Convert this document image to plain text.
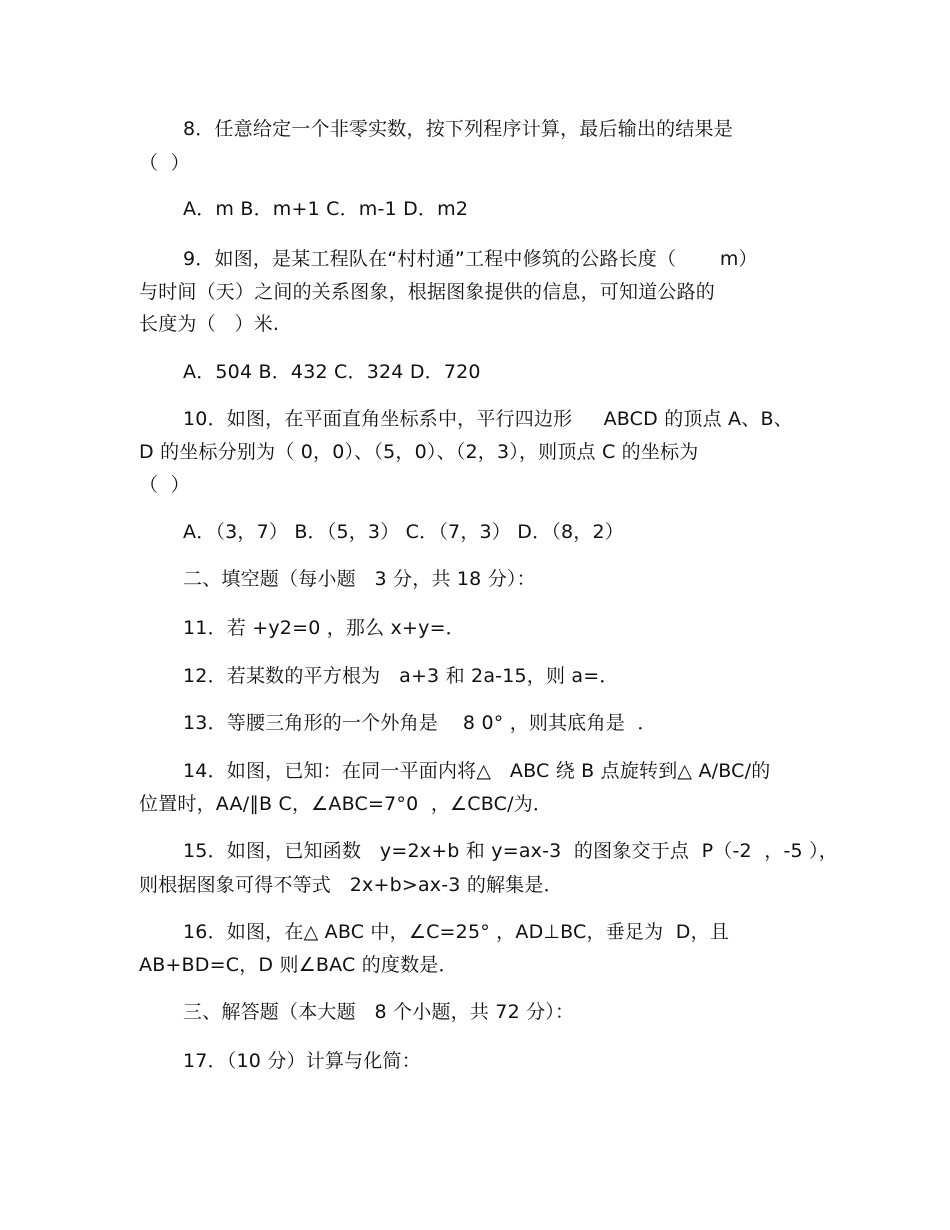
8．任意给定一个非零实数，按下列程序计算，最后输出的结果是
（  ）
A．m B．m+1 C．m-1 D．m2
9．如图，是某工程队在“村村通”工程中修筑的公路长度（       m）
与时间（天）之间的关系图象，根据图象提供的信息，可知道公路的
长度为（   ）米.
A．504 B．432 C．324 D．720
10．如图，在平面直角坐标系中，平行四边形     ABCD 的顶点 A、B、
D 的坐标分别为（ 0，0）、（5，0）、（2，3），则顶点 C 的坐标为
（  ）
A．（3，7） B．（5，3） C．（7，3） D．（8，2）
二、填空题（每小题   3 分，共 18 分）：
11．若 +y2=0 ，那么 x+y=．
12．若某数的平方根为   a+3 和 2a-15，则 a=．
13．等腰三角形的一个外角是    8 0° ，则其底角是  ．
14．如图，已知：在同一平面内将△   ABC 绕 B 点旋转到△ A/BC/的
位置时，AA/∥B C，∠ABC=7°0  ，∠CBC/为．
15．如图，已知函数   y=2x+b 和 y=ax-3  的图象交于点  P（-2  ，-5 ），
则根据图象可得不等式   2x+b>ax-3 的解集是．
16．如图，在△ ABC 中，∠C=25° ，AD⊥BC，垂足为  D，且
AB+BD=C，D 则∠BAC 的度数是．
三、解答题（本大题   8 个小题，共 72 分）：
17．（10 分）计算与化简：
